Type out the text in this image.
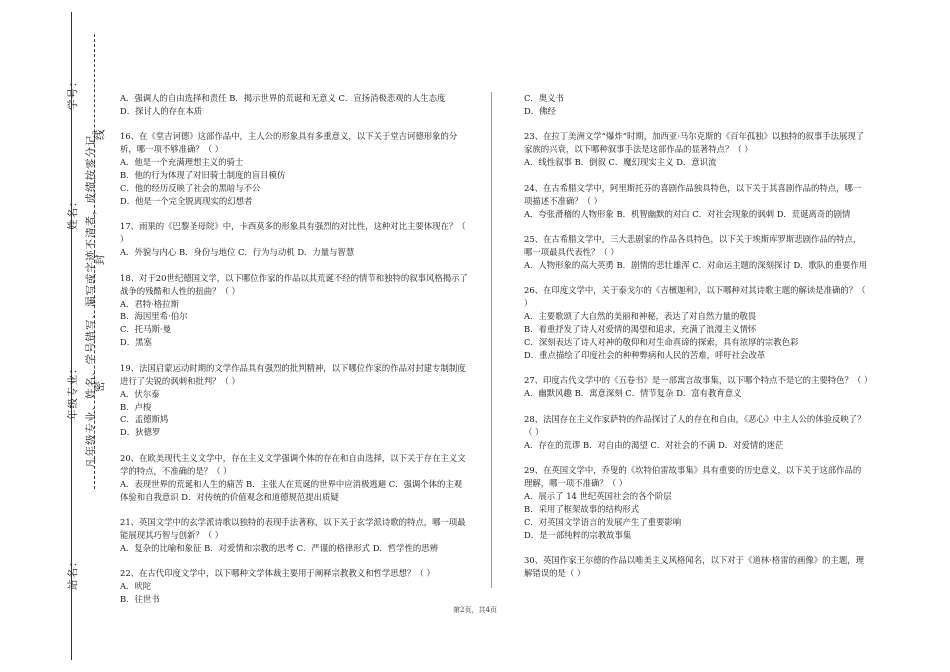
学号：
姓名：
年级专业：
站名：
凡年级专业、姓名、学号错写、漏写或字迹不清者，成绩按零分记。
线
封
密

A．强调人的自由选择和责任 B．揭示世界的荒诞和无意义 C．宣扬消极悲观的人生态度

D．探讨人的存在本质

16、在《堂吉诃德》这部作品中，主人公的形象具有多重意义，以下关于堂吉诃德形象的分析，哪一项不够准确？（ ）

A．他是一个充满理想主义的骑士

B．他的行为体现了对旧骑士制度的盲目模仿

C．他的经历反映了社会的黑暗与不公

D．他是一个完全脱离现实的幻想者

17、雨果的《巴黎圣母院》中，卡西莫多的形象具有强烈的对比性，这种对比主要体现在？（ ）

A．外貌与内心 B．身份与地位 C．行为与动机 D．力量与智慧

18、对于20世纪德国文学，以下哪位作家的作品以其荒诞不经的情节和独特的叙事风格揭示了战争的残酷和人性的扭曲？（ ）

A．君特·格拉斯

B．海因里希·伯尔

C．托马斯·曼

D．黑塞

19、法国启蒙运动时期的文学作品具有强烈的批判精神，以下哪位作家的作品对封建专制制度进行了尖锐的讽刺和批判？（ ）

A．伏尔泰

B．卢梭

C．孟德斯鸠

D．狄德罗

20、在欧美现代主义文学中，存在主义文学强调个体的存在和自由选择，以下关于存在主义文学的特点，不准确的是？（ ）

A．表现世界的荒诞和人生的痛苦 B．主张人在荒诞的世界中应消极逃避 C．强调个体的主观体验和自我意识 D．对传统的价值观念和道德规范提出质疑

21、英国文学中的玄学派诗歌以独特的表现手法著称，以下关于玄学派诗歌的特点，哪一项最能展现其巧智与创新？（ ）

A．复杂的比喻和象征 B．对爱情和宗教的思考 C．严谨的格律形式 D．哲学性的思辨

22、在古代印度文学中，以下哪种文学体裁主要用于阐释宗教教义和哲学思想？（ ）

A．吠陀

B．往世书

C．奥义书

D．佛经

23、在拉丁美洲文学“爆炸”时期，加西亚·马尔克斯的《百年孤独》以独特的叙事手法展现了家族的兴衰，以下哪种叙事手法是这部作品的显著特点？（ ）

A．线性叙事 B．倒叙 C．魔幻现实主义 D．意识流

24、在古希腊文学中，阿里斯托芬的喜剧作品独具特色，以下关于其喜剧作品的特点，哪一项描述不准确？（ ）

A．夸张滑稽的人物形象 B．机智幽默的对白 C．对社会现象的讽刺 D．荒诞离奇的剧情

25、在古希腊文学中，三大悲剧家的作品各具特色，以下关于埃斯库罗斯悲剧作品的特点，哪一项最具代表性？（ ）

A．人物形象的高大英勇 B．剧情的悲壮雄浑 C．对命运主题的深刻探讨 D．歌队的重要作用

26、在印度文学中，关于泰戈尔的《吉檀迦利》，以下哪种对其诗歌主题的解读是准确的？（ ）

A．主要歌颂了大自然的美丽和神秘，表达了对自然力量的敬畏

B．着重抒发了诗人对爱情的渴望和追求，充满了浪漫主义情怀

C．深刻表达了诗人对神的敬仰和对生命真谛的探索，具有浓厚的宗教色彩

D．重点描绘了印度社会的种种弊病和人民的苦难，呼吁社会改革

27、印度古代文学中的《五卷书》是一部寓言故事集，以下哪个特点不是它的主要特色？（ ）

A．幽默风趣 B．寓意深刻 C．情节复杂 D．富有教育意义

28、法国存在主义作家萨特的作品探讨了人的存在和自由，《恶心》中主人公的体验反映了？（ ）

A．存在的荒谬 B．对自由的渴望 C．对社会的不满 D．对爱情的迷茫

29、在英国文学中，乔叟的《坎特伯雷故事集》具有重要的历史意义，以下关于这部作品的理解，哪一项不准确？（ ）

A．展示了 14 世纪英国社会的各个阶层

B．采用了框架故事的结构形式

C．对英国文学语言的发展产生了重要影响

D．是一部纯粹的宗教故事集

30、英国作家王尔德的作品以唯美主义风格闻名，以下对于《道林·格雷的画像》的主题，理解错误的是（ ）

第2页，共4页
